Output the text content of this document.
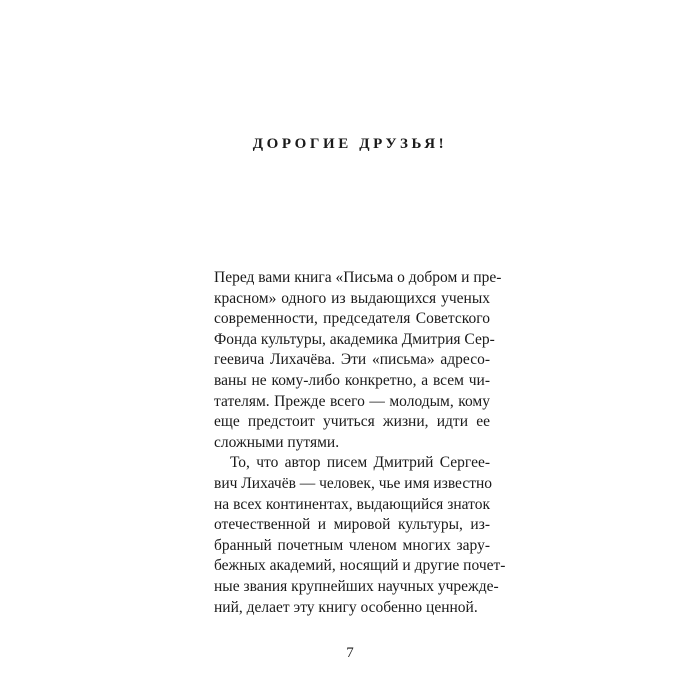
ДОРОГИЕ ДРУЗЬЯ!

Перед вами книга «Письма о добром и пре-
красном» одного из выдающихся ученых
современности, председателя Советского
Фонда культуры, академика Дмитрия Сер-
геевича Лихачёва. Эти «письма» адресо-
ваны не кому-либо конкретно, а всем чи-
тателям. Прежде всего — молодым, кому
еще предстоит учиться жизни, идти ее
сложными путями.

То, что автор писем Дмитрий Сергее-
вич Лихачёв — человек, чье имя известно
на всех континентах, выдающийся знаток
отечественной и мировой культуры, из-
бранный почетным членом многих зару-
бежных академий, носящий и другие почет-
ные звания крупнейших научных учрежде-
ний, делает эту книгу особенно ценной.

7
